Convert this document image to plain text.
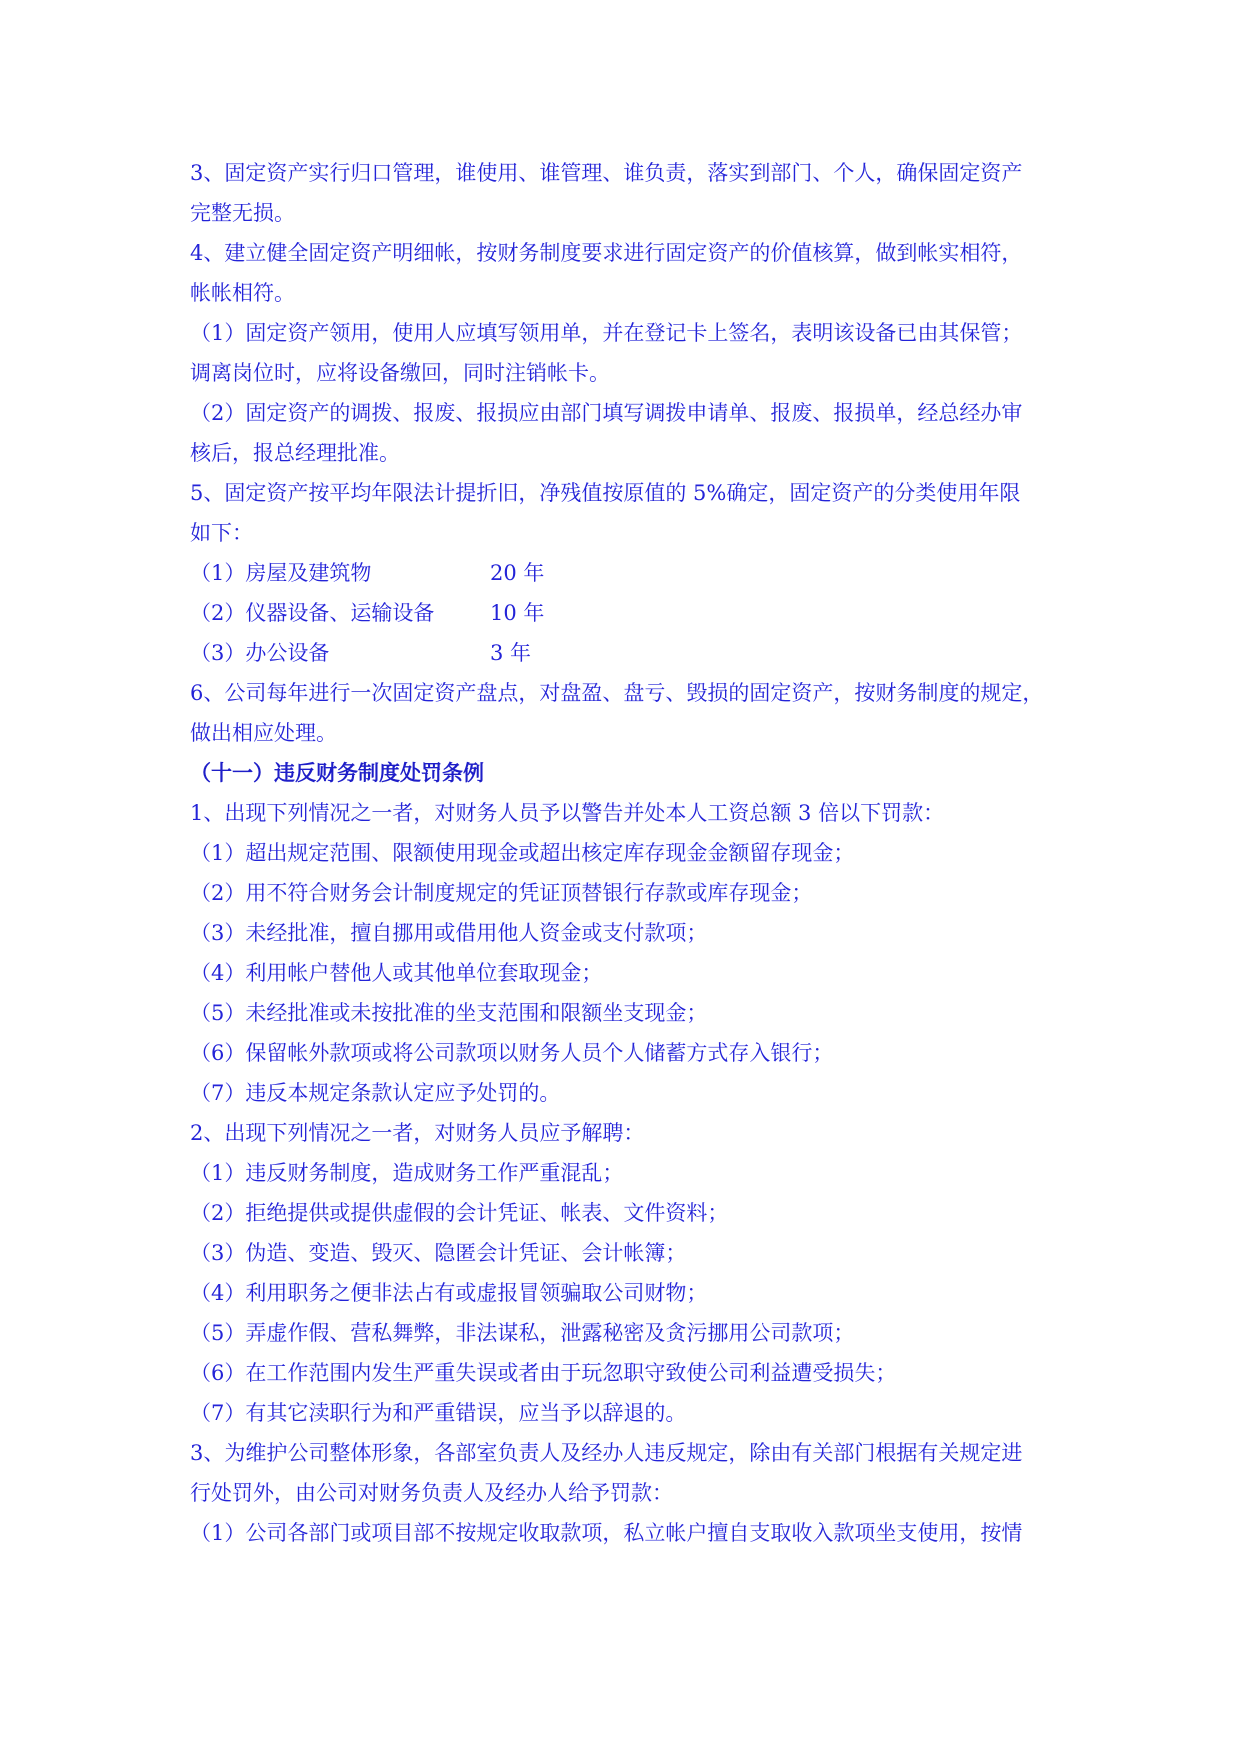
3、固定资产实行归口管理，谁使用、谁管理、谁负责，落实到部门、个人，确保固定资产
完整无损。
4、建立健全固定资产明细帐，按财务制度要求进行固定资产的价值核算，做到帐实相符，
帐帐相符。
（1）固定资产领用，使用人应填写领用单，并在登记卡上签名，表明该设备已由其保管；
调离岗位时，应将设备缴回，同时注销帐卡。
（2）固定资产的调拨、报废、报损应由部门填写调拨申请单、报废、报损单，经总经办审
核后，报总经理批准。
5、固定资产按平均年限法计提折旧，净残值按原值的 5%确定，固定资产的分类使用年限
如下：
（1）房屋及建筑物	20 年
（2）仪器设备、运输设备	10 年
（3）办公设备	3 年
6、公司每年进行一次固定资产盘点，对盘盈、盘亏、毁损的固定资产，按财务制度的规定，
做出相应处理。
（十一）违反财务制度处罚条例
1、出现下列情况之一者，对财务人员予以警告并处本人工资总额 3 倍以下罚款：
（1）超出规定范围、限额使用现金或超出核定库存现金金额留存现金；
（2）用不符合财务会计制度规定的凭证顶替银行存款或库存现金；
（3）未经批准，擅自挪用或借用他人资金或支付款项；
（4）利用帐户替他人或其他单位套取现金；
（5）未经批准或未按批准的坐支范围和限额坐支现金；
（6）保留帐外款项或将公司款项以财务人员个人储蓄方式存入银行；
（7）违反本规定条款认定应予处罚的。
2、出现下列情况之一者，对财务人员应予解聘：
（1）违反财务制度，造成财务工作严重混乱；
（2）拒绝提供或提供虚假的会计凭证、帐表、文件资料；
（3）伪造、变造、毁灭、隐匿会计凭证、会计帐簿；
（4）利用职务之便非法占有或虚报冒领骗取公司财物；
（5）弄虚作假、营私舞弊，非法谋私，泄露秘密及贪污挪用公司款项；
（6）在工作范围内发生严重失误或者由于玩忽职守致使公司利益遭受损失；
（7）有其它渎职行为和严重错误，应当予以辞退的。
3、为维护公司整体形象，各部室负责人及经办人违反规定，除由有关部门根据有关规定进
行处罚外，由公司对财务负责人及经办人给予罚款：
（1）公司各部门或项目部不按规定收取款项，私立帐户擅自支取收入款项坐支使用，按情
